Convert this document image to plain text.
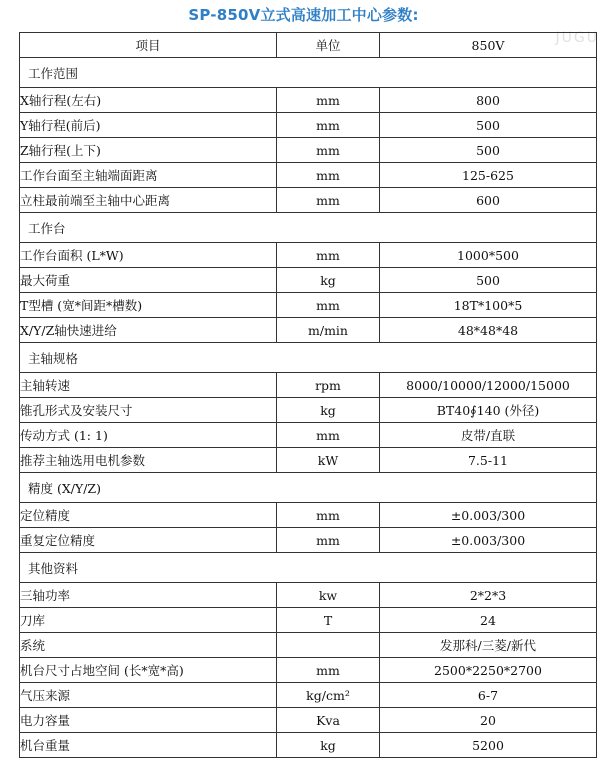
SP-850V立式高速加工中心参数:
JUGU
项目	单位	850V
工作范围		
X轴行程(左右)	mm	800
Y轴行程(前后)	mm	500
Z轴行程(上下)	mm	500
工作台面至主轴端面距离	mm	125-625
立柱最前端至主轴中心距离	mm	600
工作台		
工作台面积 (L*W)	mm	1000*500
最大荷重	kg	500
T型槽 (宽*间距*槽数)	mm	18T*100*5
X/Y/Z轴快速进给	m/min	48*48*48
主轴规格		
主轴转速	rpm	8000/10000/12000/15000
锥孔形式及安装尺寸	kg	BT40∮140 (外径)
传动方式 (1: 1)	mm	皮带/直联
推荐主轴选用电机参数	kW	7.5-11
精度 (X/Y/Z)		
定位精度	mm	±0.003/300
重复定位精度	mm	±0.003/300
其他资料		
三轴功率	kw	2*2*3
刀库	T	24
系统		发那科/三菱/新代
机台尺寸占地空间 (长*宽*高)	mm	2500*2250*2700
气压来源	kg/cm²	6-7
电力容量	Kva	20
机台重量	kg	5200
